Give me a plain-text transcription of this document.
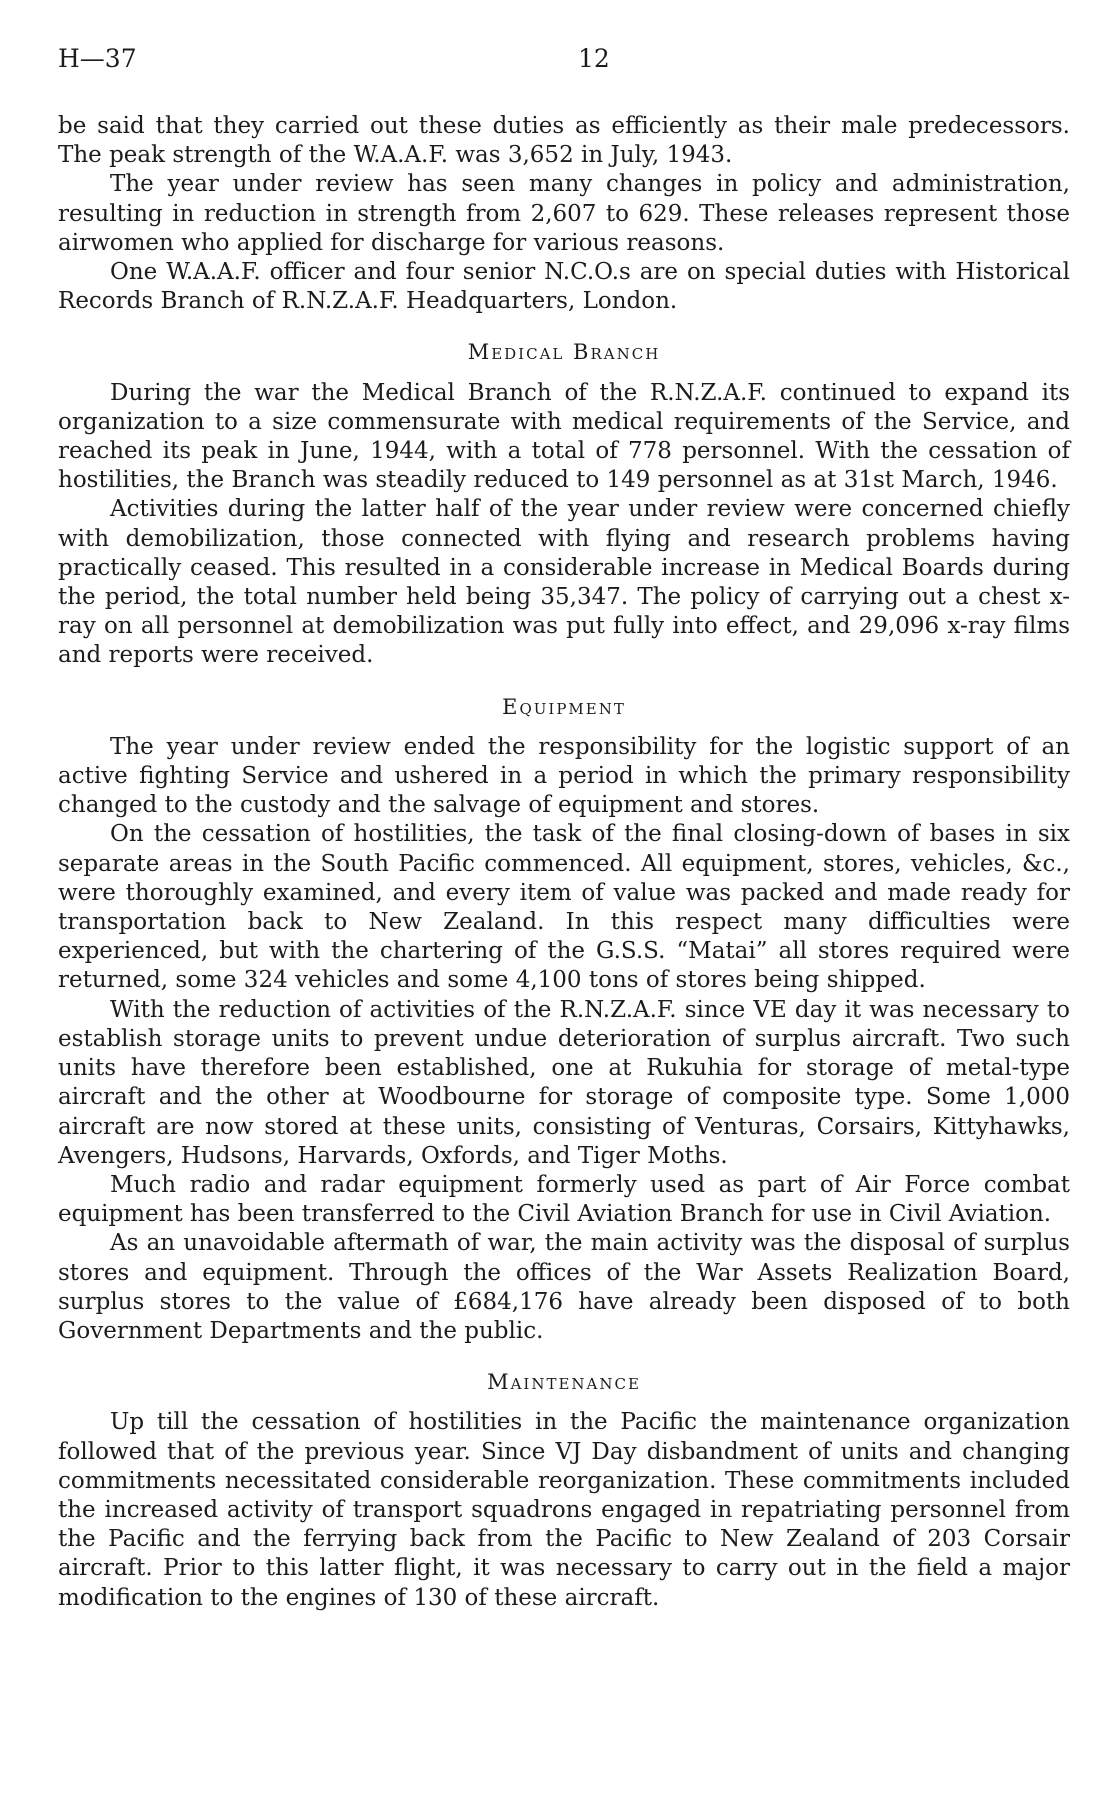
H—37	12

be said that they carried out these duties as efficiently as their male predecessors. The peak strength of the W.A.A.F. was 3,652 in July, 1943.

The year under review has seen many changes in policy and administration, resulting in reduction in strength from 2,607 to 629. These releases represent those airwomen who applied for discharge for various reasons.

One W.A.A.F. officer and four senior N.C.O.s are on special duties with Historical Records Branch of R.N.Z.A.F. Headquarters, London.

Medical Branch

During the war the Medical Branch of the R.N.Z.A.F. continued to expand its organization to a size commensurate with medical requirements of the Service, and reached its peak in June, 1944, with a total of 778 personnel. With the cessation of hostilities, the Branch was steadily reduced to 149 personnel as at 31st March, 1946.

Activities during the latter half of the year under review were concerned chiefly with demobilization, those connected with flying and research problems having practically ceased. This resulted in a considerable increase in Medical Boards during the period, the total number held being 35,347. The policy of carrying out a chest x-ray on all personnel at demobilization was put fully into effect, and 29,096 x-ray films and reports were received.

Equipment

The year under review ended the responsibility for the logistic support of an active fighting Service and ushered in a period in which the primary responsibility changed to the custody and the salvage of equipment and stores.

On the cessation of hostilities, the task of the final closing-down of bases in six separate areas in the South Pacific commenced. All equipment, stores, vehicles, &c., were thoroughly examined, and every item of value was packed and made ready for transportation back to New Zealand. In this respect many difficulties were experienced, but with the chartering of the G.S.S. “Matai” all stores required were returned, some 324 vehicles and some 4,100 tons of stores being shipped.

With the reduction of activities of the R.N.Z.A.F. since VE day it was necessary to establish storage units to prevent undue deterioration of surplus aircraft. Two such units have therefore been established, one at Rukuhia for storage of metal-type aircraft and the other at Woodbourne for storage of composite type. Some 1,000 aircraft are now stored at these units, consisting of Venturas, Corsairs, Kittyhawks, Avengers, Hudsons, Harvards, Oxfords, and Tiger Moths.

Much radio and radar equipment formerly used as part of Air Force combat equipment has been transferred to the Civil Aviation Branch for use in Civil Aviation.

As an unavoidable aftermath of war, the main activity was the disposal of surplus stores and equipment. Through the offices of the War Assets Realization Board, surplus stores to the value of £684,176 have already been disposed of to both Government Departments and the public.

Maintenance

Up till the cessation of hostilities in the Pacific the maintenance organization followed that of the previous year. Since VJ Day disbandment of units and changing commitments necessitated considerable reorganization. These commitments included the increased activity of transport squadrons engaged in repatriating personnel from the Pacific and the ferrying back from the Pacific to New Zealand of 203 Corsair aircraft. Prior to this latter flight, it was necessary to carry out in the field a major modification to the engines of 130 of these aircraft.
